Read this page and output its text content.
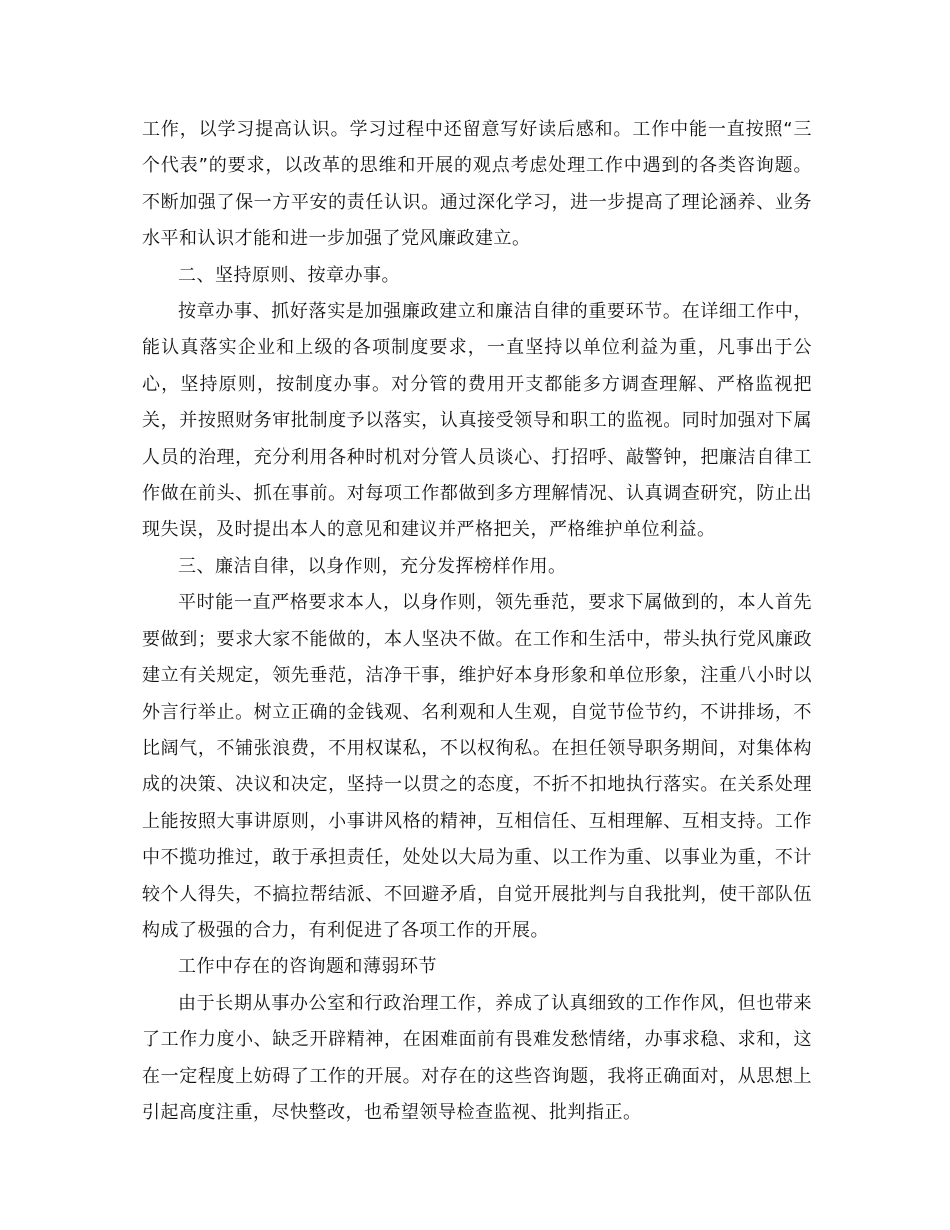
工作，以学习提高认识。学习过程中还留意写好读后感和。工作中能一直按照“三个代表”的要求，以改革的思维和开展的观点考虑处理工作中遇到的各类咨询题。不断加强了保一方平安的责任认识。通过深化学习，进一步提高了理论涵养、业务水平和认识才能和进一步加强了党风廉政建立。

二、坚持原则、按章办事。

按章办事、抓好落实是加强廉政建立和廉洁自律的重要环节。在详细工作中，能认真落实企业和上级的各项制度要求，一直坚持以单位利益为重，凡事出于公心，坚持原则，按制度办事。对分管的费用开支都能多方调查理解、严格监视把关，并按照财务审批制度予以落实，认真接受领导和职工的监视。同时加强对下属人员的治理，充分利用各种时机对分管人员谈心、打招呼、敲警钟，把廉洁自律工作做在前头、抓在事前。对每项工作都做到多方理解情况、认真调查研究，防止出现失误，及时提出本人的意见和建议并严格把关，严格维护单位利益。

三、廉洁自律，以身作则，充分发挥榜样作用。

平时能一直严格要求本人，以身作则，领先垂范，要求下属做到的，本人首先要做到；要求大家不能做的，本人坚决不做。在工作和生活中，带头执行党风廉政建立有关规定，领先垂范，洁净干事，维护好本身形象和单位形象，注重八小时以外言行举止。树立正确的金钱观、名利观和人生观，自觉节俭节约，不讲排场，不比阔气，不铺张浪费，不用权谋私，不以权徇私。在担任领导职务期间，对集体构成的决策、决议和决定，坚持一以贯之的态度，不折不扣地执行落实。在关系处理上能按照大事讲原则，小事讲风格的精神，互相信任、互相理解、互相支持。工作中不揽功推过，敢于承担责任，处处以大局为重、以工作为重、以事业为重，不计较个人得失，不搞拉帮结派、不回避矛盾，自觉开展批判与自我批判，使干部队伍构成了极强的合力，有利促进了各项工作的开展。

工作中存在的咨询题和薄弱环节

由于长期从事办公室和行政治理工作，养成了认真细致的工作作风，但也带来了工作力度小、缺乏开辟精神，在困难面前有畏难发愁情绪，办事求稳、求和，这在一定程度上妨碍了工作的开展。对存在的这些咨询题，我将正确面对，从思想上引起高度注重，尽快整改，也希望领导检查监视、批判指正。
